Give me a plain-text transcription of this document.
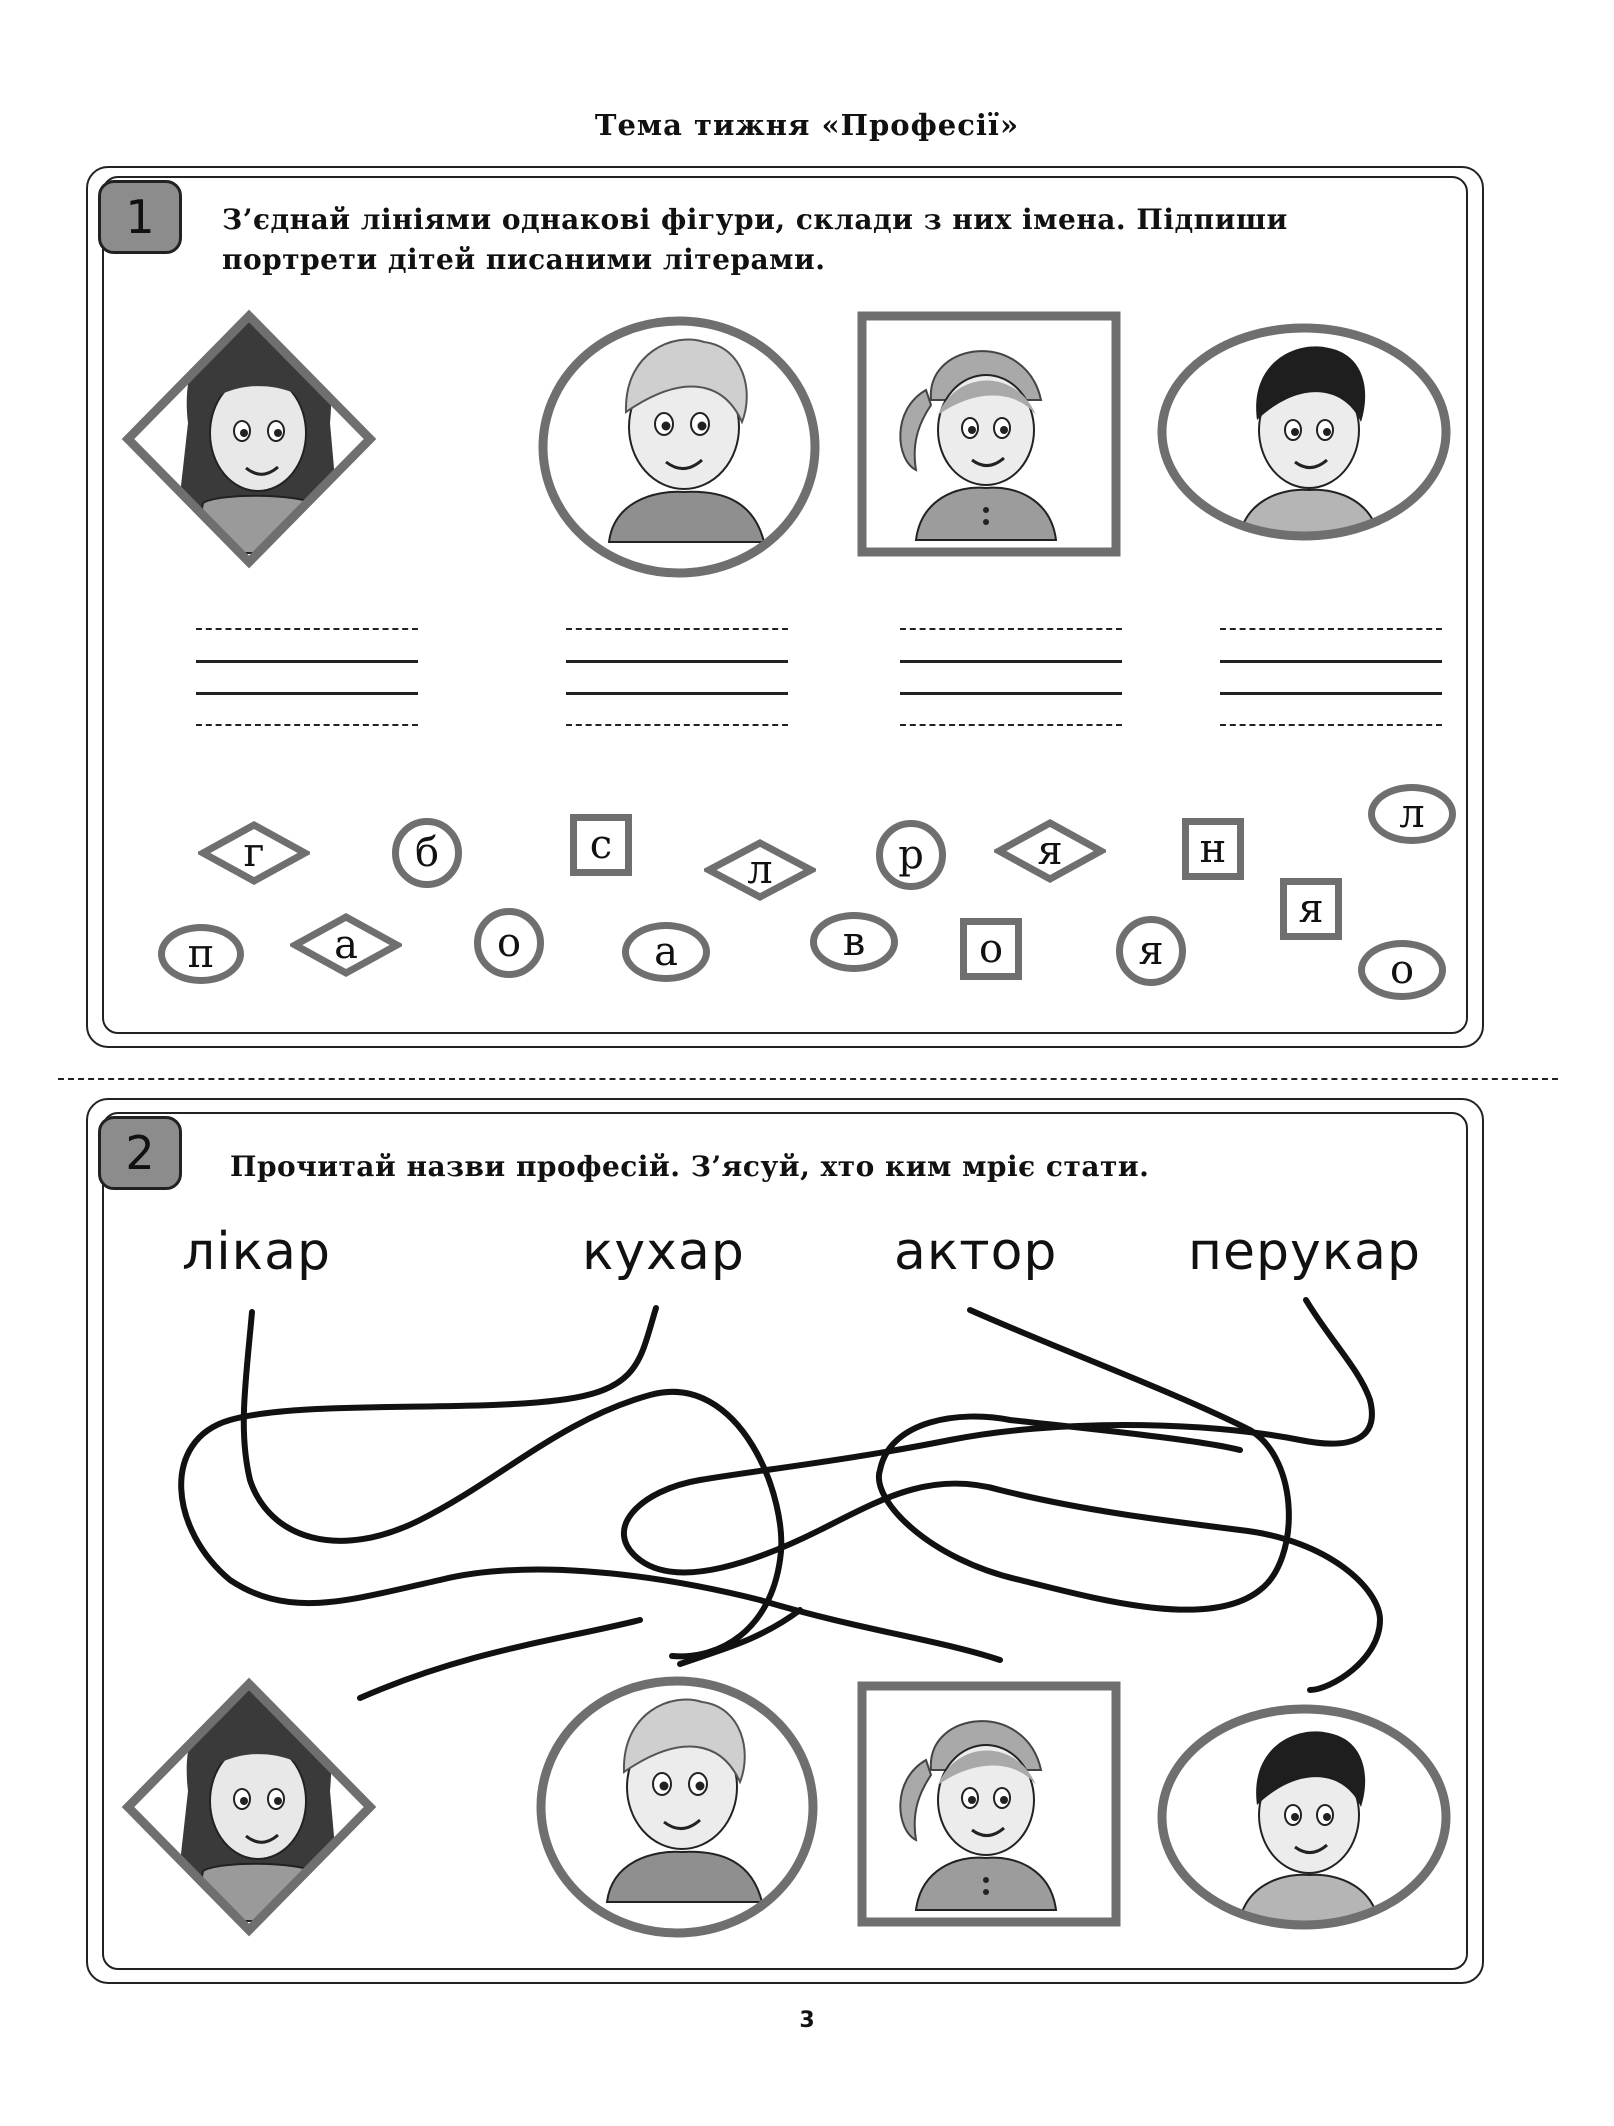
Тема тижня «Професії»
1	З’єднай лініями однакові фігури, склади з них імена. Підпиши портрети дітей писаними літерами.
г	б	с
л	р	я	н
л
я
п	а	о	а	в	о	я	о
2	Прочитай назви професій. З’ясуй, хто ким мріє стати.
лікар	кухар	актор	перукар
3
